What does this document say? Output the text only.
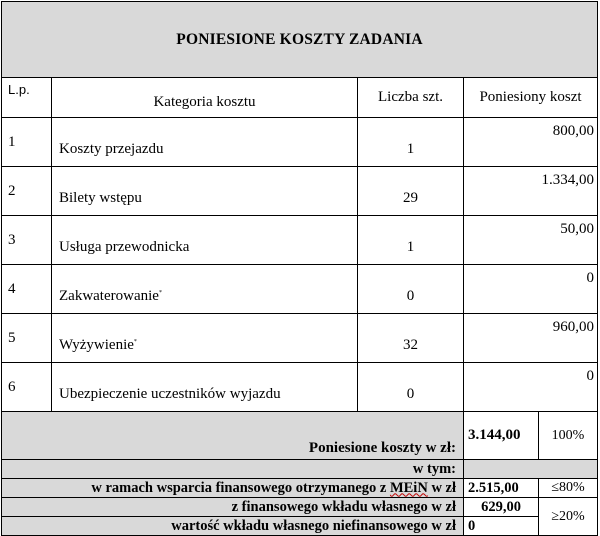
PONIESIONE KOSZTY ZADANIA				
L.p.	Kategoria kosztu	Liczba szt.	Poniesiony koszt	
1	Koszty przejazdu	1	800,00	
2	Bilety wstępu	29	1.334,00	
3	Usługa przewodnicka	1	50,00	
4	Zakwaterowanie*	0	0	
5	Wyżywienie*	32	960,00	
6	Ubezpieczenie uczestników wyjazdu	0	0	
Poniesione koszty w zł:			3.144,00	100%
w tym:				
w ramach wsparcia finansowego otrzymanego z MEiN w zł			2.515,00	≤80%
z finansowego wkładu własnego w zł			629,00	≥20%
wartość wkładu własnego niefinansowego w zł			0	
